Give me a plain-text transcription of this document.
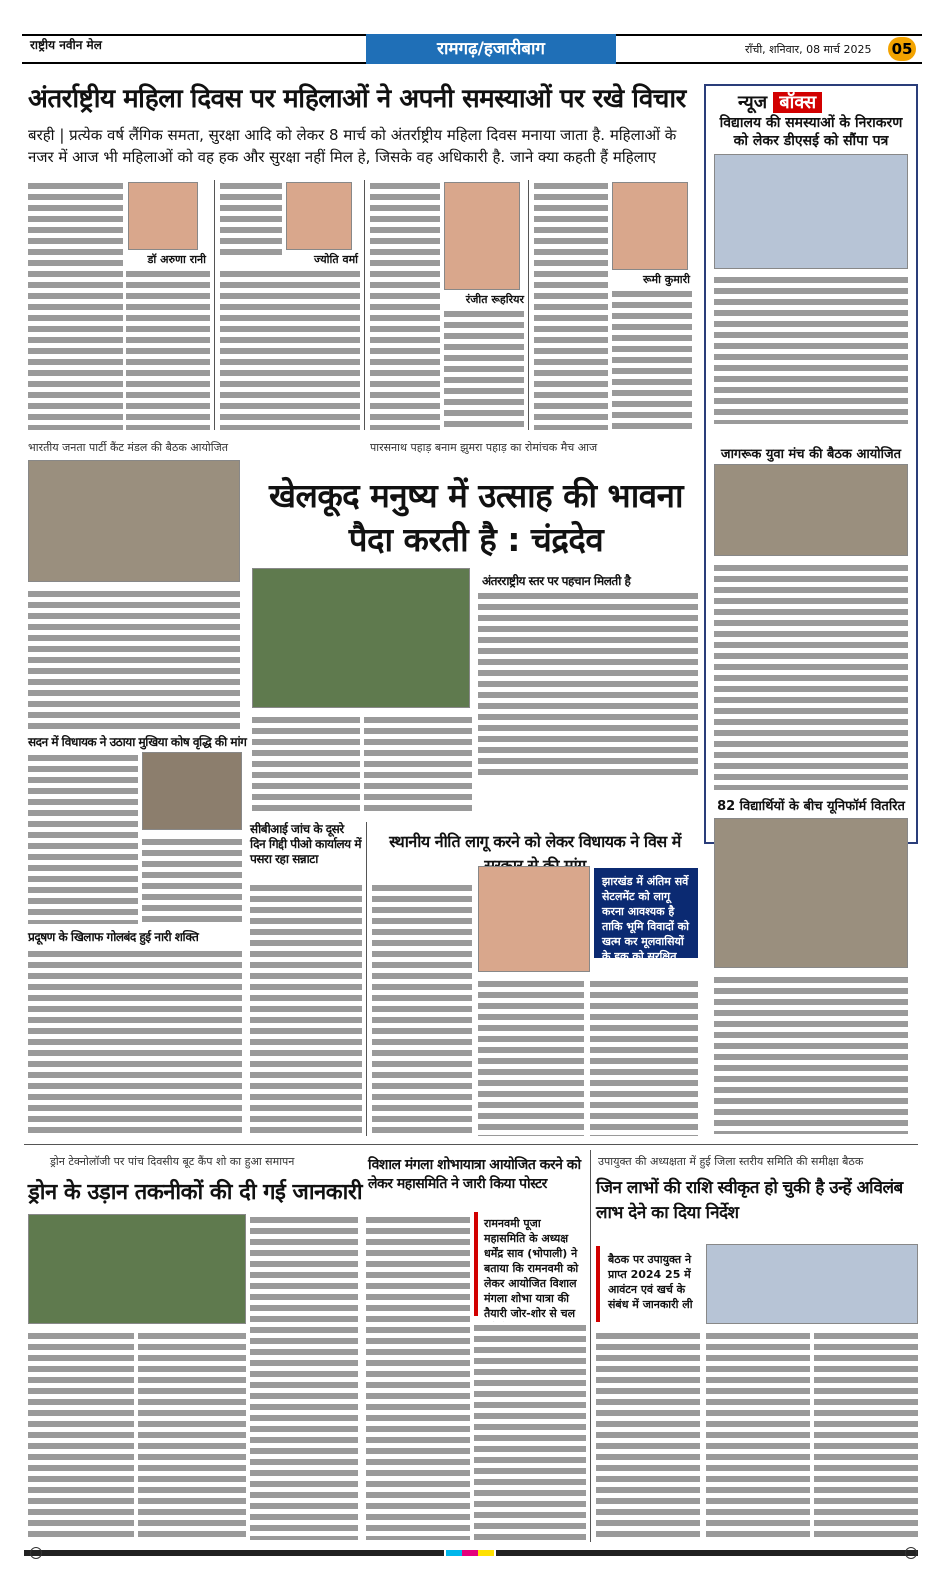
राष्ट्रीय नवीन मेल	रामगढ़/हजारीबाग	राँची, शनिवार, 08 मार्च 2025 05
अंतर्राष्ट्रीय महिला दिवस पर महिलाओं ने अपनी समस्याओं पर रखे विचार
बरही | प्रत्येक वर्ष लैंगिक समता, सुरक्षा आदि को लेकर 8 मार्च को अंतर्राष्ट्रीय महिला दिवस मनाया जाता है. महिलाओं के नजर में आज भी महिलाओं को वह हक और सुरक्षा नहीं मिल हे, जिसके वह अधिकारी है. जाने क्या कहती हैं महिलाए
डॉ अरुणा रानी	ज्योति वर्मा
रंजीत रूहरियर
रूमी कुमारी
न्यूज बॉक्स
विद्यालय की समस्याओं के निराकरण को लेकर डीएसई को सौंपा पत्र
जागरूक युवा मंच की बैठक आयोजित
82 विद्यार्थियों के बीच यूनिफॉर्म वितरित
भारतीय जनता पार्टी कैंट मंडल की बैठक आयोजित
सदन में विधायक ने उठाया मुखिया कोष वृद्धि की मांग
प्रदूषण के खिलाफ गोलबंद हुई नारी शक्ति
पारसनाथ पहाड़ बनाम झुमरा पहाड़ का रोमांचक मैच आज
खेलकूद मनुष्य में उत्साह की भावना पैदा करती है : चंद्रदेव
अंतरराष्ट्रीय स्तर पर पहचान मिलती है
सीबीआई जांच के दूसरे दिन गिद्दी पीओ कार्यालय में पसरा रहा सन्नाटा
स्थानीय नीति लागू करने को लेकर विधायक ने विस में
झारखंड में अंतिम सर्वे सेटलमेंट को लागू करना आवश्यक है ताकि भूमि विवादों को खत्म कर मूलवासियों के हक को सुरक्षित किया जा सके
ड्रोन टेक्नोलॉजी पर पांच दिवसीय बूट कैंप शो का हुआ समापन
ड्रोन के उड़ान तकनीकों की दी गई जानकारी
विशाल मंगला शोभायात्रा आयोजित करने को लेकर महासमिति ने जारी किया पोस्टर
रामनवमी पूजा महासमिति के अध्यक्ष धर्मेंद्र साव (भोपाली) ने बताया कि रामनवमी को लेकर आयोजित विशाल मंगला शोभा यात्रा की तैयारी जोर-शोर से चल
उपायुक्त की अध्यक्षता में हुई जिला स्तरीय समिति की समीक्षा बैठक
जिन लाभों की राशि स्वीकृत हो चुकी है उन्हें अविलंब लाभ देने का दिया निर्देश
बैठक पर उपायुक्त ने प्राप्त 2024 25 में आवंटन एवं खर्च के संबंध में जानकारी ली
